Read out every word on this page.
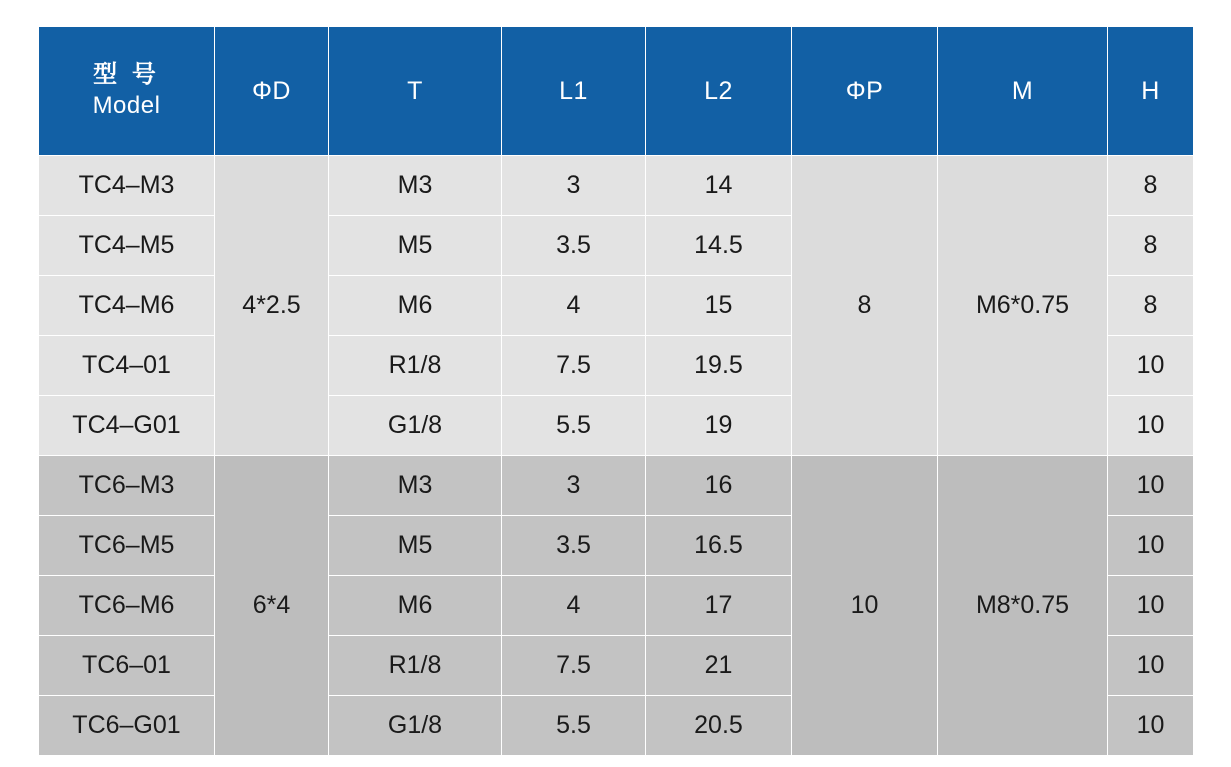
型 号
Model	ΦD	T	L1	L2	ΦP	M	H
TC4–M3	4*2.5	M3	3	14	8	M6*0.75	8
TC4–M5		M5	3.5	14.5			8
TC4–M6		M6	4	15			8
TC4–01		R1/8	7.5	19.5			10
TC4–G01		G1/8	5.5	19			10
TC6–M3	6*4	M3	3	16	10	M8*0.75	10
TC6–M5		M5	3.5	16.5			10
TC6–M6		M6	4	17			10
TC6–01		R1/8	7.5	21			10
TC6–G01		G1/8	5.5	20.5			10
